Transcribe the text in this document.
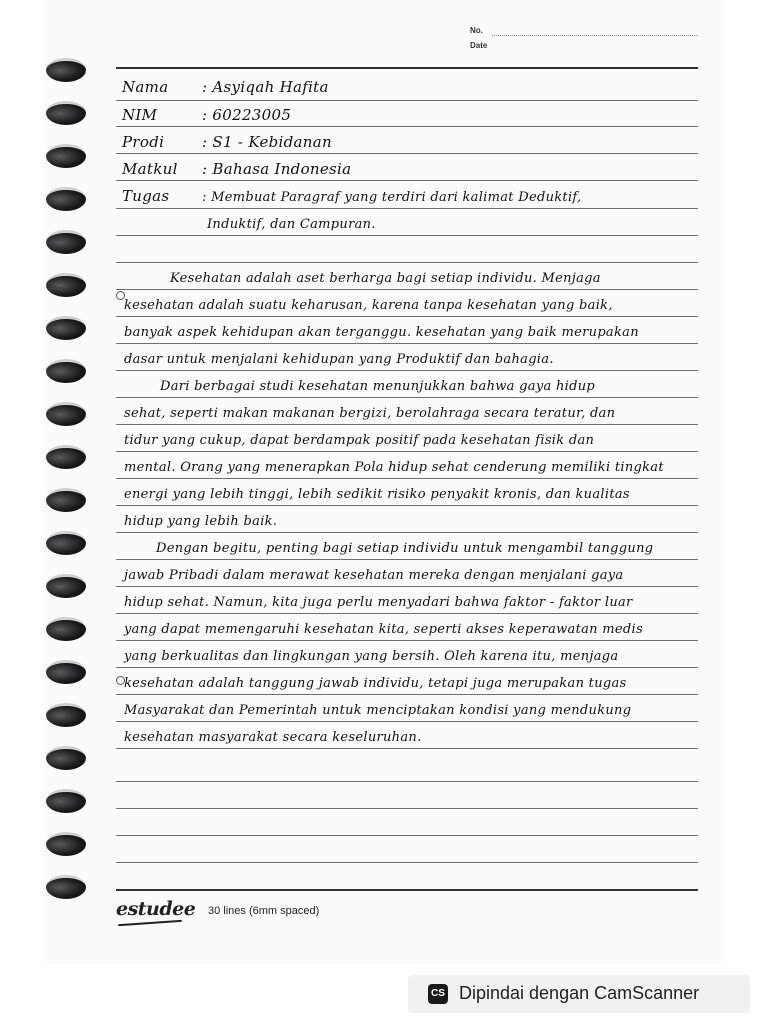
No.
Date
Nama : Asyiqah Hafita
NIM	: 60223005
Prodi	: S1 - Kebidanan
Matkul : Bahasa Indonesia
Tugas	: Membuat Paragraf yang terdiri dari kalimat Deduktif,
Induktif, dan Campuran.
Kesehatan adalah aset berharga bagi setiap individu. Menjaga
kesehatan adalah suatu keharusan, karena tanpa kesehatan yang baik,
banyak aspek kehidupan akan terganggu. kesehatan yang baik merupakan
dasar untuk menjalani kehidupan yang Produktif dan bahagia.
Dari berbagai studi kesehatan menunjukkan bahwa gaya hidup
sehat, seperti makan makanan bergizi, berolahraga secara teratur, dan
tidur yang cukup, dapat berdampak positif pada kesehatan fisik dan
mental. Orang yang menerapkan Pola hidup sehat cenderung memiliki tingkat
energi yang lebih tinggi, lebih sedikit risiko penyakit kronis, dan kualitas
hidup yang lebih baik.
Dengan begitu, penting bagi setiap individu untuk mengambil tanggung
jawab Pribadi dalam merawat kesehatan mereka dengan menjalani gaya
hidup sehat. Namun, kita juga perlu menyadari bahwa faktor - faktor luar
yang dapat memengaruhi kesehatan kita, seperti akses keperawatan medis
yang berkualitas dan lingkungan yang bersih. Oleh karena itu, menjaga
kesehatan adalah tanggung jawab individu, tetapi juga merupakan tugas
Masyarakat dan Pemerintah untuk menciptakan kondisi yang mendukung
kesehatan masyarakat secara keseluruhan.
estudee 30 lines (6mm spaced)
CS Dipindai dengan CamScanner
